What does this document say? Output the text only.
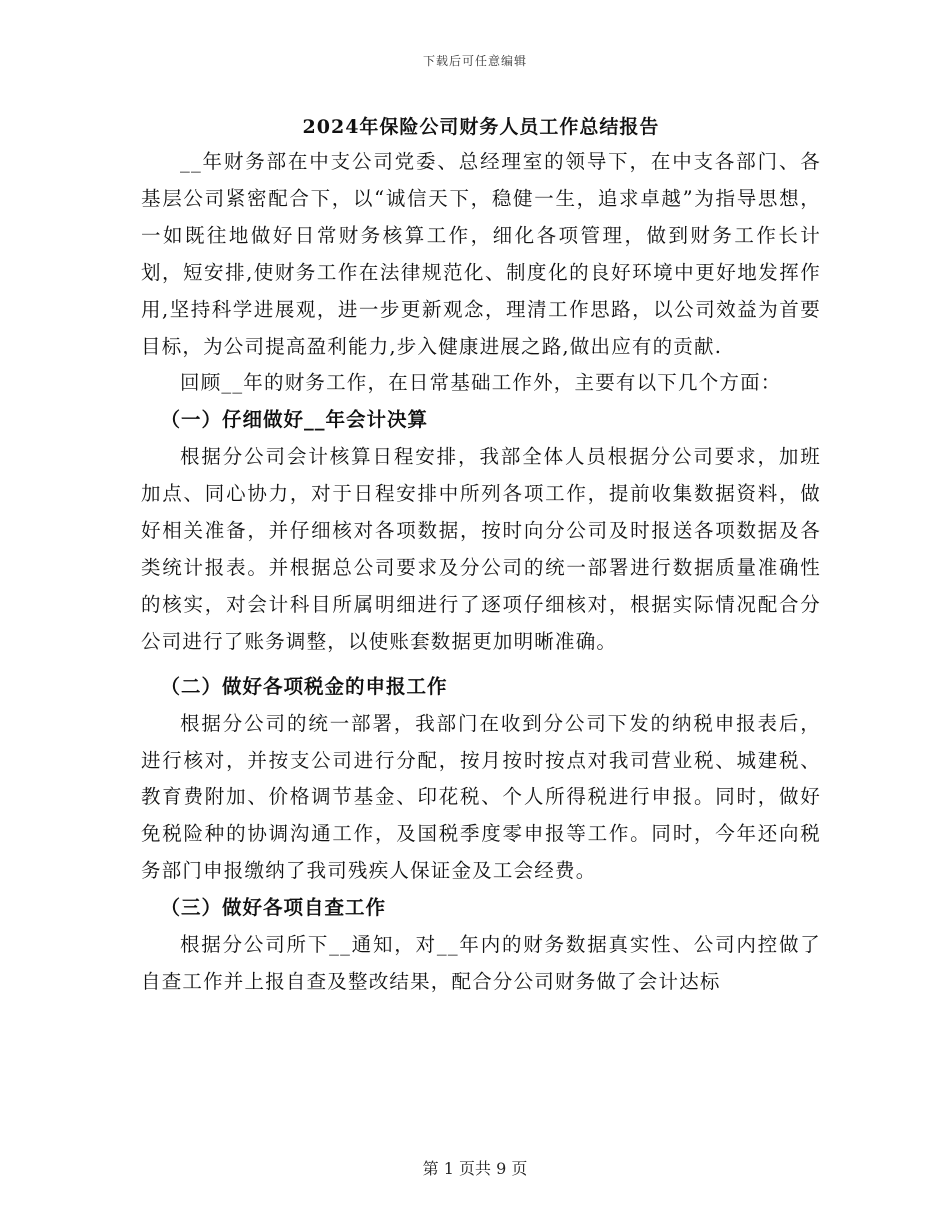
下载后可任意编辑
2024年保险公司财务人员工作总结报告

__年财务部在中支公司党委、总经理室的领导下，在中支各部门、各基层公司紧密配合下，以“诚信天下，稳健一生，追求卓越”为指导思想，一如既往地做好日常财务核算工作，细化各项管理，做到财务工作长计划，短安排,使财务工作在法律规范化、制度化的良好环境中更好地发挥作用,坚持科学进展观，进一步更新观念，理清工作思路，以公司效益为首要目标，为公司提高盈利能力,步入健康进展之路,做出应有的贡献.

回顾__年的财务工作，在日常基础工作外，主要有以下几个方面：

（一）仔细做好__年会计决算

根据分公司会计核算日程安排，我部全体人员根据分公司要求，加班加点、同心协力，对于日程安排中所列各项工作，提前收集数据资料，做好相关准备，并仔细核对各项数据，按时向分公司及时报送各项数据及各类统计报表。并根据总公司要求及分公司的统一部署进行数据质量准确性的核实，对会计科目所属明细进行了逐项仔细核对，根据实际情况配合分公司进行了账务调整，以使账套数据更加明晰准确。

（二）做好各项税金的申报工作

根据分公司的统一部署，我部门在收到分公司下发的纳税申报表后，进行核对，并按支公司进行分配，按月按时按点对我司营业税、城建税、教育费附加、价格调节基金、印花税、个人所得税进行申报。同时，做好免税险种的协调沟通工作，及国税季度零申报等工作。同时，今年还向税务部门申报缴纳了我司残疾人保证金及工会经费。

（三）做好各项自查工作

根据分公司所下__通知，对__年内的财务数据真实性、公司内控做了自查工作并上报自查及整改结果，配合分公司财务做了会计达标

第 1 页共 9 页
